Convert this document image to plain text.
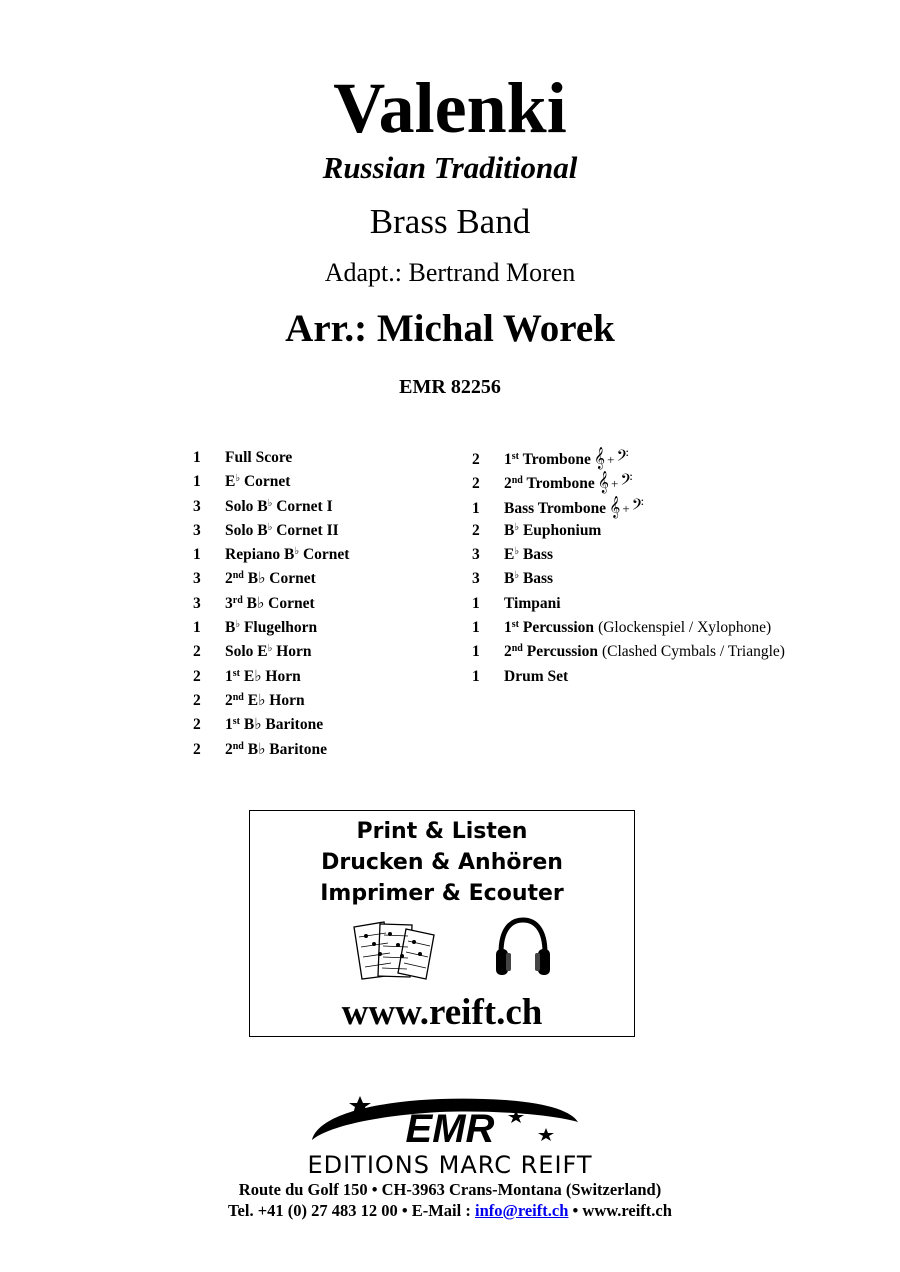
Valenki
Russian Traditional
Brass Band
Adapt.: Bertrand Moren
Arr.: Michal Worek
EMR 82256
1	Full Score
1	E♭ Cornet
3	Solo B♭ Cornet I
3	Solo B♭ Cornet II
1	Repiano B♭ Cornet
3	2nd B♭ Cornet
3	3rd B♭ Cornet
1	B♭ Flugelhorn
2	Solo E♭ Horn
2	1st E♭ Horn
2	2nd E♭ Horn
2	1st B♭ Baritone
2	2nd B♭ Baritone
2	1st Trombone 𝄞 + 𝄢
2	2nd Trombone 𝄞 + 𝄢
1	Bass Trombone 𝄞 + 𝄢
2	B♭ Euphonium
3	E♭ Bass
3	B♭ Bass
1	Timpani
1	1st Percussion (Glockenspiel / Xylophone)
1	2nd Percussion (Clashed Cymbals / Triangle)
1	Drum Set
Print & Listen
Drucken & Anhören
Imprimer & Ecouter
www.reift.ch
EMR
EDITIONS MARC REIFT
Route du Golf 150 • CH-3963 Crans-Montana (Switzerland)
Tel. +41 (0) 27 483 12 00 • E-Mail : info@reift.ch • www.reift.ch
